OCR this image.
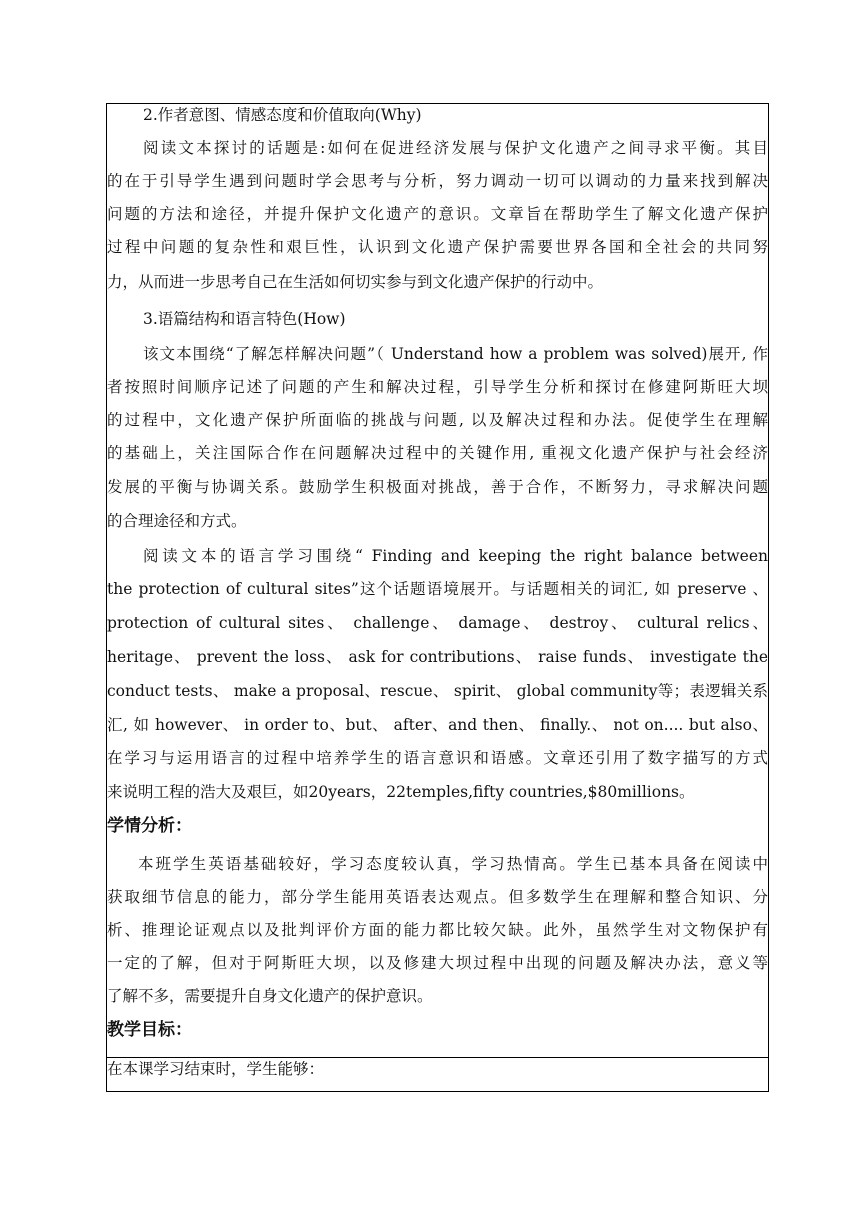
2.作者意图、情感态度和价值取向(Why)
阅读文本探讨的话题是:如何在促进经济发展与保护文化遗产之间寻求平衡。其目
的在于引导学生遇到问题时学会思考与分析，努力调动一切可以调动的力量来找到解决
问题的方法和途径，并提升保护文化遗产的意识。文章旨在帮助学生了解文化遗产保护
过程中问题的复杂性和艰巨性，认识到文化遗产保护需要世界各国和全社会的共同努
力，从而进一步思考自己在生活如何切实参与到文化遗产保护的行动中。
3.语篇结构和语言特色(How)
该文本围绕“了解怎样解决问题”（ Understand how a problem was solved)展开, 作
者按照时间顺序记述了问题的产生和解决过程，引导学生分析和探讨在修建阿斯旺大坝
的过程中，文化遗产保护所面临的挑战与问题, 以及解决过程和办法。促使学生在理解
的基础上，关注国际合作在问题解决过程中的关键作用, 重视文化遗产保护与社会经济
发展的平衡与协调关系。鼓励学生积极面对挑战，善于合作，不断努力，寻求解决问题
的合理途径和方式。
阅读文本的语言学习围绕“ Finding and keeping the right balance between
the protection of cultural sites”这个话题语境展开。与话题相关的词汇, 如 preserve 、
protection of cultural sites、 challenge、 damage、 destroy、 cultural relics、
heritage、 prevent the loss、 ask for contributions、 raise funds、 investigate the
conduct tests、 make a proposal、rescue、 spirit、 global community等；表逻辑关系
汇, 如 however、 in order to、but、 after、and then、 finally.、 not on.... but also、
在学习与运用语言的过程中培养学生的语言意识和语感。文章还引用了数字描写的方式
来说明工程的浩大及艰巨，如20years，22temples,fifty countries,$80millions。
学情分析：
本班学生英语基础较好，学习态度较认真，学习热情高。学生已基本具备在阅读中
获取细节信息的能力，部分学生能用英语表达观点。但多数学生在理解和整合知识、分
析、推理论证观点以及批判评价方面的能力都比较欠缺。此外，虽然学生对文物保护有
一定的了解，但对于阿斯旺大坝，以及修建大坝过程中出现的问题及解决办法，意义等
了解不多，需要提升自身文化遗产的保护意识。
教学目标：
在本课学习结束时，学生能够：
